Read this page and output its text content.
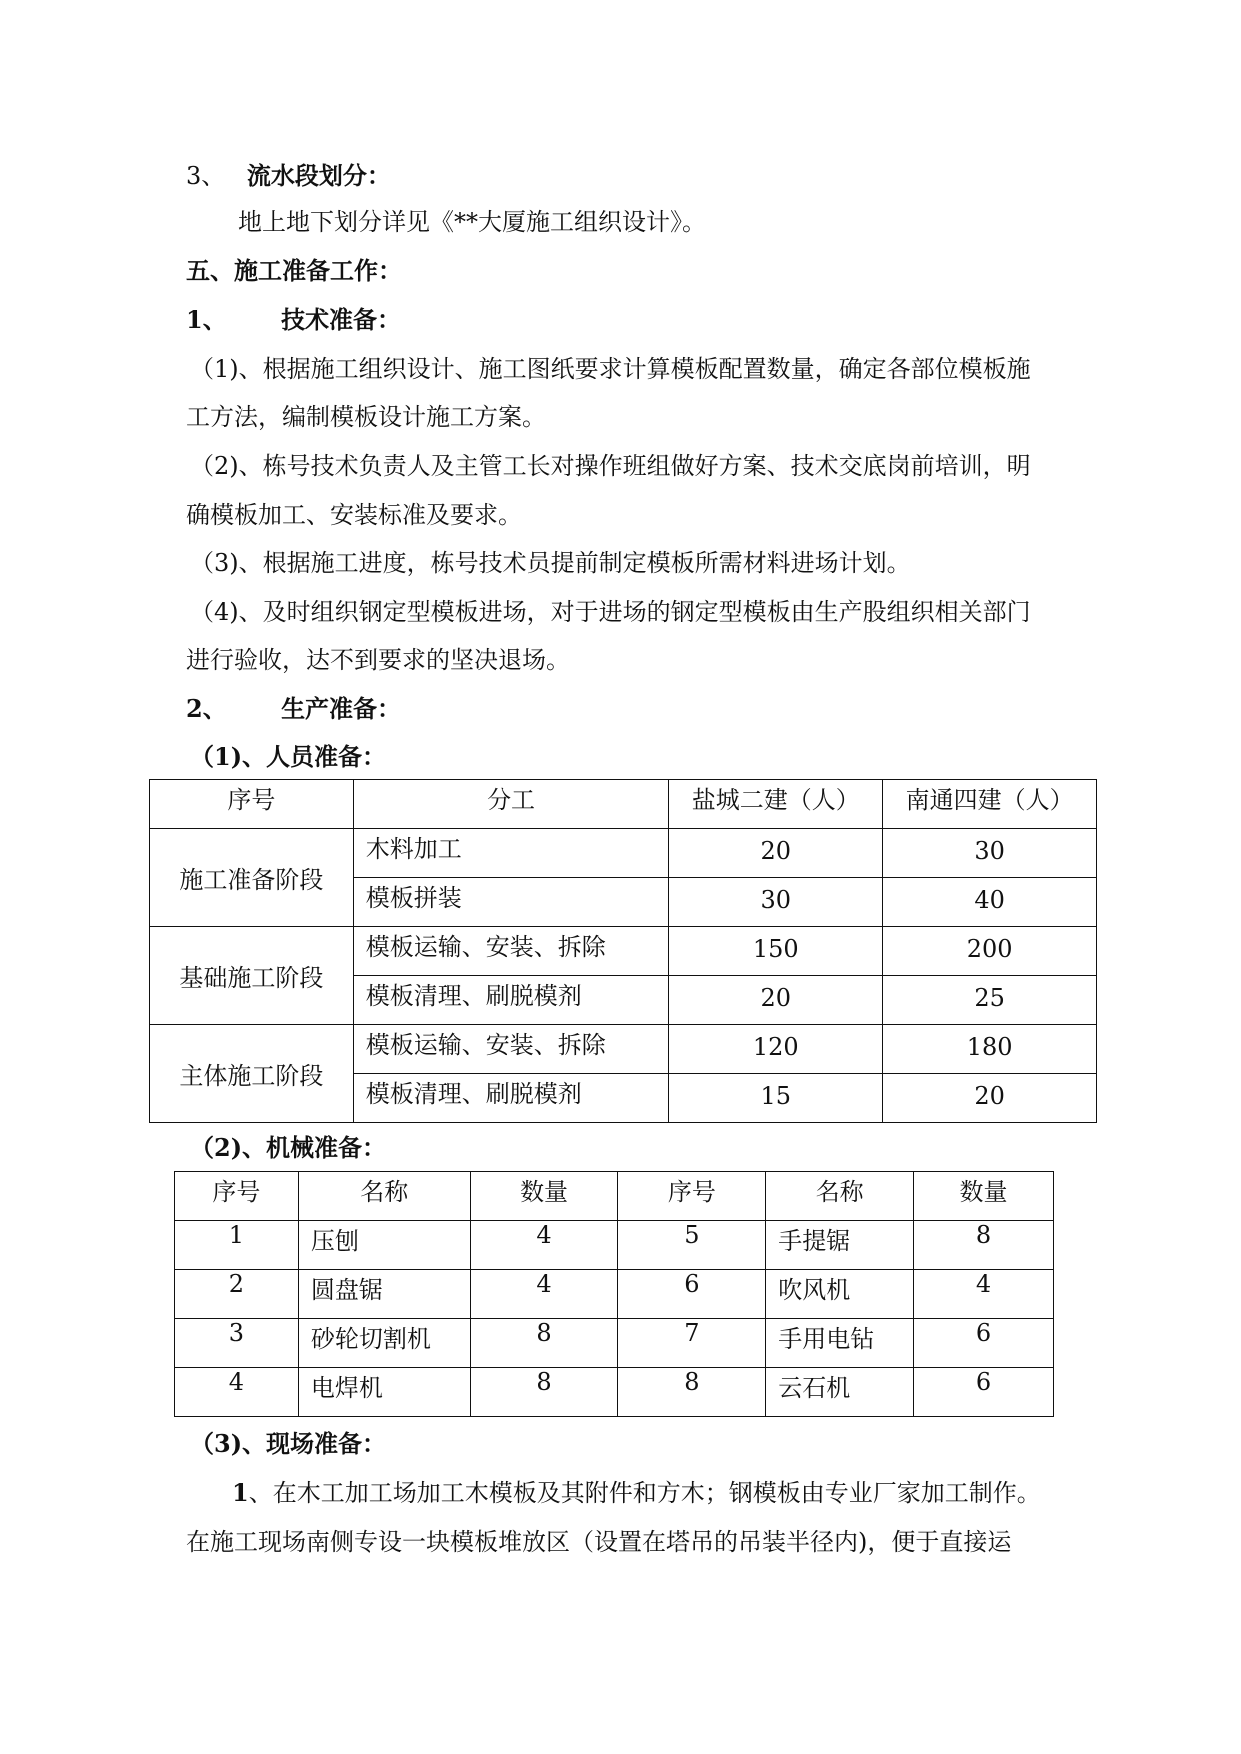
3、 流水段划分：
地上地下划分详见《**大厦施工组织设计》。
五、施工准备工作：
1、 技术准备：
（1)、根据施工组织设计、施工图纸要求计算模板配置数量，确定各部位模板施
工方法，编制模板设计施工方案。
（2)、栋号技术负责人及主管工长对操作班组做好方案、技术交底岗前培训，明
确模板加工、安装标准及要求。
（3)、根据施工进度，栋号技术员提前制定模板所需材料进场计划。
（4)、及时组织钢定型模板进场，对于进场的钢定型模板由生产股组织相关部门
进行验收，达不到要求的坚决退场。
2、 生产准备：
（1)、人员准备：
序号	分工	盐城二建（人）	南通四建（人）
施工准备阶段	木料加工	20	30
	模板拼装	30	40
基础施工阶段	模板运输、安装、拆除	150	200
	模板清理、刷脱模剂	20	25
主体施工阶段	模板运输、安装、拆除	120	180
	模板清理、刷脱模剂	15	20
（2)、机械准备：
序号	名称	数量	序号	名称	数量
1	压刨	4	5	手提锯	8
2	圆盘锯	4	6	吹风机	4
3	砂轮切割机	8	7	手用电钻	6
4	电焊机	8	8	云石机	6
（3)、现场准备：
1、在木工加工场加工木模板及其附件和方木；钢模板由专业厂家加工制作。
在施工现场南侧专设一块模板堆放区（设置在塔吊的吊装半径内)，便于直接运
